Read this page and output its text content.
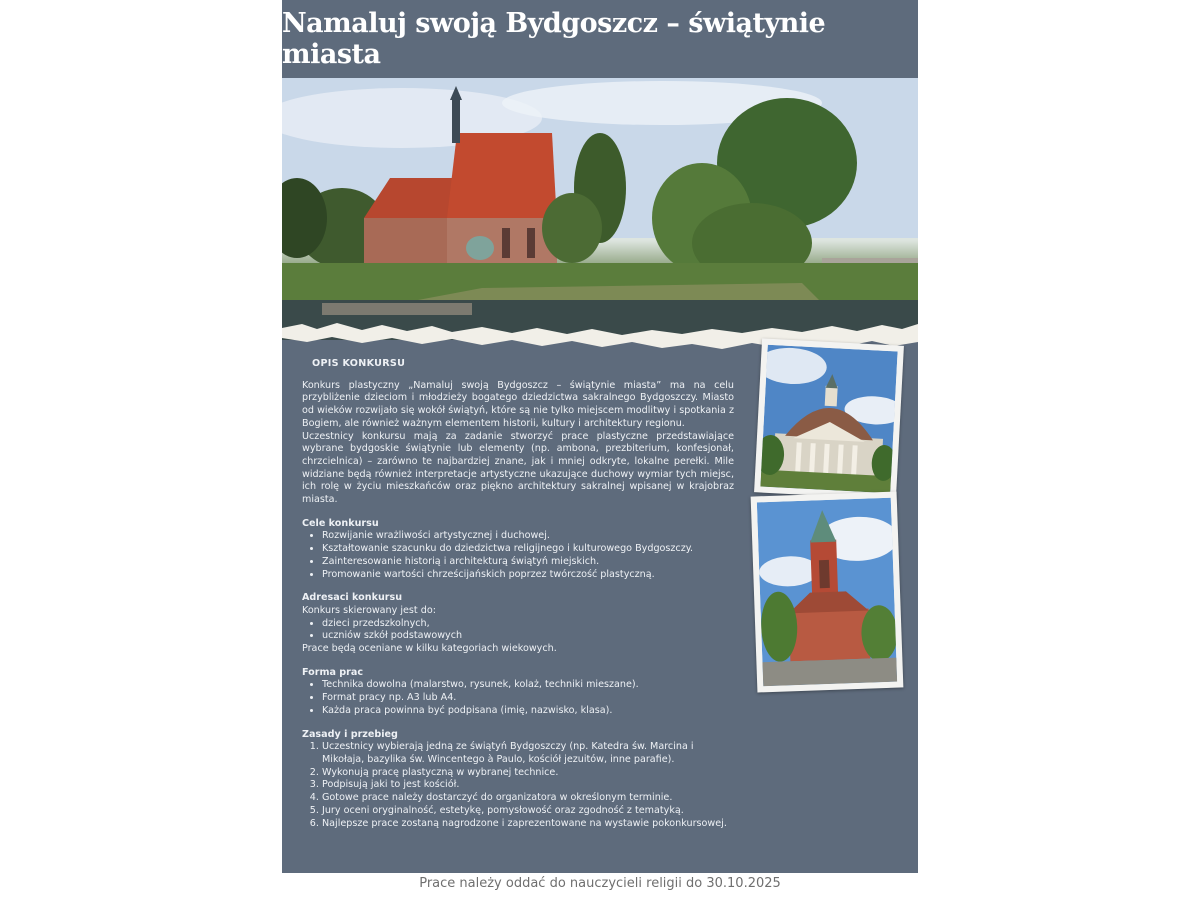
Namaluj swoją Bydgoszcz – świątynie miasta
OPIS KONKURSU

Konkurs plastyczny „Namaluj swoją Bydgoszcz – świątynie miasta” ma na celu przybliżenie dzieciom i młodzieży bogatego dziedzictwa sakralnego Bydgoszczy. Miasto od wieków rozwijało się wokół świątyń, które są nie tylko miejscem modlitwy i spotkania z Bogiem, ale również ważnym elementem historii, kultury i architektury regionu.

Uczestnicy konkursu mają za zadanie stworzyć prace plastyczne przedstawiające wybrane bydgoskie świątynie lub elementy (np. ambona, prezbiterium, konfesjonał, chrzcielnica) – zarówno te najbardziej znane, jak i mniej odkryte, lokalne perełki. Mile widziane będą również interpretacje artystyczne ukazujące duchowy wymiar tych miejsc, ich rolę w życiu mieszkańców oraz piękno architektury sakralnej wpisanej w krajobraz miasta.

Cele konkursu
• Rozwijanie wrażliwości artystycznej i duchowej.
• Kształtowanie szacunku do dziedzictwa religijnego i kulturowego Bydgoszczy.
• Zainteresowanie historią i architekturą świątyń miejskich.
• Promowanie wartości chrześcijańskich poprzez twórczość plastyczną.
Adresaci konkursu
Konkurs skierowany jest do:
• dzieci przedszkolnych,
• uczniów szkół podstawowych
Prace będą oceniane w kilku kategoriach wiekowych.
Forma prac
• Technika dowolna (malarstwo, rysunek, kolaż, techniki mieszane).
• Format pracy np. A3 lub A4.
• Każda praca powinna być podpisana (imię, nazwisko, klasa).
Zasady i przebieg
1. Uczestnicy wybierają jedną ze świątyń Bydgoszczy (np. Katedra św. Marcina i Mikołaja, bazylika św. Wincentego à Paulo, kościół jezuitów, inne parafie).
2. Wykonują pracę plastyczną w wybranej technice.
3. Podpisują jaki to jest kościół.
4. Gotowe prace należy dostarczyć do organizatora w określonym terminie.
5. Jury oceni oryginalność, estetykę, pomysłowość oraz zgodność z tematyką.
6. Najlepsze prace zostaną nagrodzone i zaprezentowane na wystawie pokonkursowej.
Prace należy oddać do nauczycieli religii do 30.10.2025
